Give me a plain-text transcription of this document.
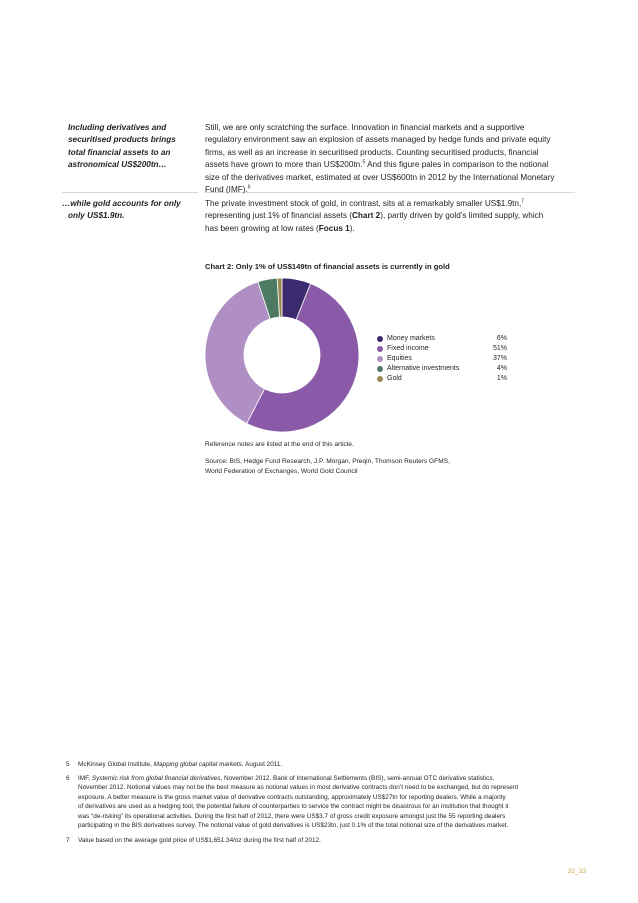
Including derivatives and
securitised products brings
total financial assets to an
astronomical US$200tn…
…while gold accounts for only
only US$1.9tn.
Still, we are only scratching the surface. Innovation in financial markets and a supportive
regulatory environment saw an explosion of assets managed by hedge funds and private equity
firms, as well as an increase in securitised products. Counting securitised products, financial
assets have grown to more than US$200tn.$^5$ And this figure pales in comparison to the notional
size of the derivatives market, estimated at over US$600tn in 2012 by the International Monetary
Fund (IMF).$^6$
The private investment stock of gold, in contrast, sits at a remarkably smaller US$1.9tn,$^7$
representing just 1% of financial assets (Chart 2), partly driven by gold’s limited supply, which
has been growing at low rates (Focus 1).
Chart 2: Only 1% of US$149tn of financial assets is currently in gold
Money markets	6%
Fixed income	51%
Equities	37%
Alternative investments	4%
Gold	1%
Reference notes are listed at the end of this article.
Source: BIS, Hedge Fund Research, J.P. Morgan, Preqin, Thomson Reuters GFMS,
World Federation of Exchanges, World Gold Council
5 McKinsey Global Institute, Mapping global capital markets, August 2011.
6 IMF, Systemic risk from global financial derivatives, November 2012. Bank of International Settlements (BIS), semi-annual OTC derivative statistics,
November 2012. Notional values may not be the best measure as notional values in most derivative contracts don’t need to be exchanged, but do represent
exposure. A better measure is the gross market value of derivative contracts outstanding, approximately US$27tn for reporting dealers. While a majority
of derivatives are used as a hedging tool, the potential failure of counterparties to service the contract might be disastrous for an institution that thought it
was “de-risking” its operational activities. During the first half of 2012, there were US$3.7 of gross credit exposure amongst just the 55 reporting dealers
participating in the BIS derivatives survey. The notional value of gold derivatives is US$23tn, just 0.1% of the total notional size of the derivatives market.
7 Value based on the average gold price of US$1,651.34/oz during the first half of 2012.
32_33
